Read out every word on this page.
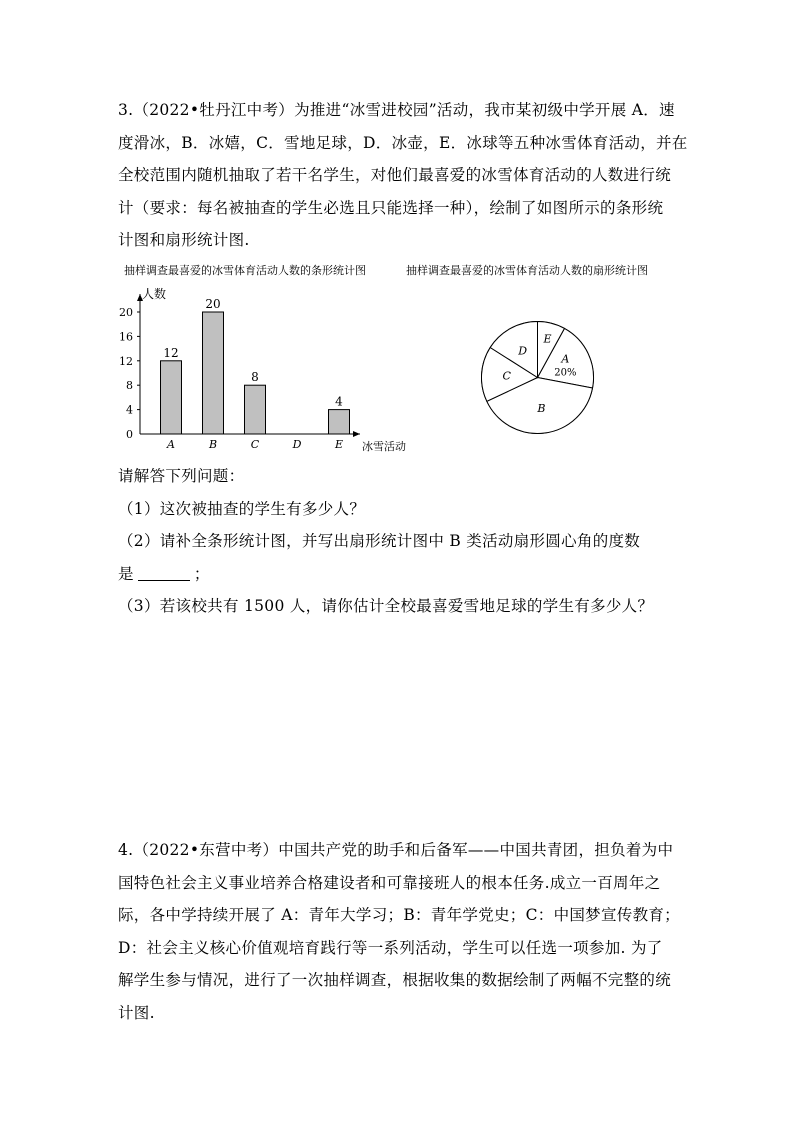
3.（2022•牡丹江中考）为推进“冰雪进校园”活动，我市某初级中学开展 A．速
度滑冰，B．冰嬉，C．雪地足球，D．冰壶，E．冰球等五种冰雪体育活动，并在
全校范围内随机抽取了若干名学生，对他们最喜爱的冰雪体育活动的人数进行统
计（要求：每名被抽查的学生必选且只能选择一种），绘制了如图所示的条形统
计图和扇形统计图.
抽样调查最喜爱的冰雪体育活动人数的条形统计图	抽样调查最喜爱的冰雪体育活动人数的扇形统计图
0
4
8
12
16
20
人数
冰雪活动
12
A
20
B
8
C	D
4
E
A
20%
B
C
D
E
请解答下列问题：
（1）这次被抽查的学生有多少人？
（2）请补全条形统计图，并写出扇形统计图中 B 类活动扇形圆心角的度数
是	；
（3）若该校共有 1500 人，请你估计全校最喜爱雪地足球的学生有多少人？
4.（2022•东营中考）中国共产党的助手和后备军——中国共青团，担负着为中
国特色社会主义事业培养合格建设者和可靠接班人的根本任务.成立一百周年之
际，各中学持续开展了 A：青年大学习；B：青年学党史；C：中国梦宣传教育；
D：社会主义核心价值观培育践行等一系列活动，学生可以任选一项参加. 为了
解学生参与情况，进行了一次抽样调查，根据收集的数据绘制了两幅不完整的统
计图.
